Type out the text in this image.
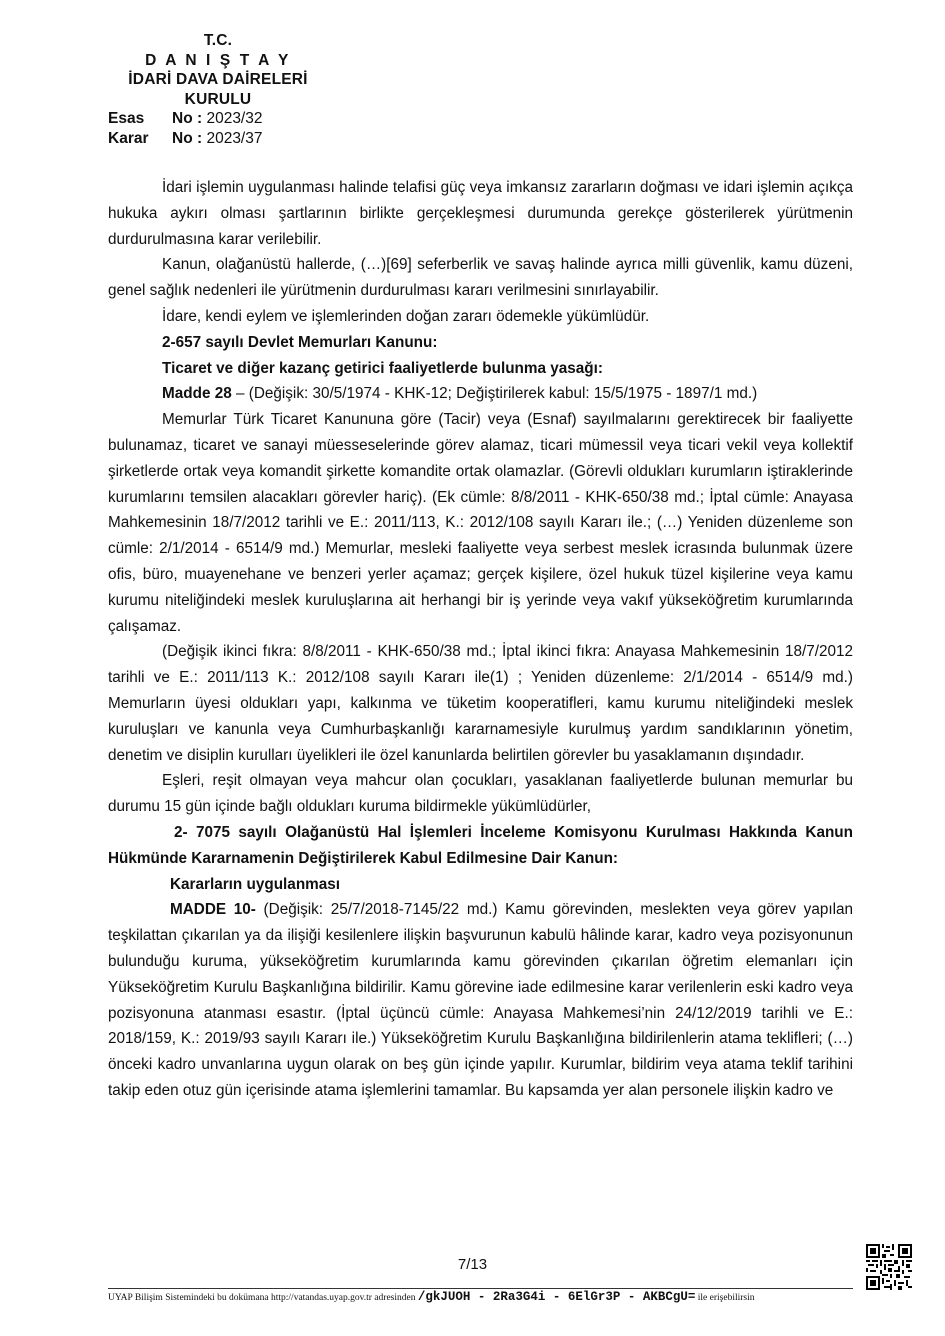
T.C.
D A N I Ş T A Y
İDARİ DAVA DAİRELERİ
KURULU
Esas No : 2023/32
Karar No : 2023/37

İdari işlemin uygulanması halinde telafisi güç veya imkansız zararların doğması ve idari işlemin açıkça hukuka aykırı olması şartlarının birlikte gerçekleşmesi durumunda gerekçe gösterilerek yürütmenin durdurulmasına karar verilebilir.

Kanun, olağanüstü hallerde, (…)[69] seferberlik ve savaş halinde ayrıca milli güvenlik, kamu düzeni, genel sağlık nedenleri ile yürütmenin durdurulması kararı verilmesini sınırlayabilir.

İdare, kendi eylem ve işlemlerinden doğan zararı ödemekle yükümlüdür.

2-657 sayılı Devlet Memurları Kanunu:

Ticaret ve diğer kazanç getirici faaliyetlerde bulunma yasağı:

Madde 28 – (Değişik: 30/5/1974 - KHK-12; Değiştirilerek kabul: 15/5/1975 - 1897/1 md.)

Memurlar Türk Ticaret Kanununa göre (Tacir) veya (Esnaf) sayılmalarını gerektirecek bir faaliyette bulunamaz, ticaret ve sanayi müesseselerinde görev alamaz, ticari mümessil veya ticari vekil veya kollektif şirketlerde ortak veya komandit şirkette komandite ortak olamazlar. (Görevli oldukları kurumların iştiraklerinde kurumlarını temsilen alacakları görevler hariç). (Ek cümle: 8/8/2011 - KHK-650/38 md.; İptal cümle: Anayasa Mahkemesinin 18/7/2012 tarihli ve E.: 2011/113, K.: 2012/108 sayılı Kararı ile.; (…) Yeniden düzenleme son cümle: 2/1/2014 - 6514/9 md.) Memurlar, mesleki faaliyette veya serbest meslek icrasında bulunmak üzere ofis, büro, muayenehane ve benzeri yerler açamaz; gerçek kişilere, özel hukuk tüzel kişilerine veya kamu kurumu niteliğindeki meslek kuruluşlarına ait herhangi bir iş yerinde veya vakıf yükseköğretim kurumlarında çalışamaz.

(Değişik ikinci fıkra: 8/8/2011 - KHK-650/38 md.; İptal ikinci fıkra: Anayasa Mahkemesinin 18/7/2012 tarihli ve E.: 2011/113 K.: 2012/108 sayılı Kararı ile(1) ; Yeniden düzenleme: 2/1/2014 - 6514/9 md.) Memurların üyesi oldukları yapı, kalkınma ve tüketim kooperatifleri, kamu kurumu niteliğindeki meslek kuruluşları ve kanunla veya Cumhurbaşkanlığı kararnamesiyle kurulmuş yardım sandıklarının yönetim, denetim ve disiplin kurulları üyelikleri ile özel kanunlarda belirtilen görevler bu yasaklamanın dışındadır.

Eşleri, reşit olmayan veya mahcur olan çocukları, yasaklanan faaliyetlerde bulunan memurlar bu durumu 15 gün içinde bağlı oldukları kuruma bildirmekle yükümlüdürler,

2- 7075 sayılı Olağanüstü Hal İşlemleri İnceleme Komisyonu Kurulması Hakkında Kanun Hükmünde Kararnamenin Değiştirilerek Kabul Edilmesine Dair Kanun:

Kararların uygulanması

MADDE 10- (Değişik: 25/7/2018-7145/22 md.) Kamu görevinden, meslekten veya görev yapılan teşkilattan çıkarılan ya da ilişiği kesilenlere ilişkin başvurunun kabulü hâlinde karar, kadro veya pozisyonunun bulunduğu kuruma, yükseköğretim kurumlarında kamu görevinden çıkarılan öğretim elemanları için Yükseköğretim Kurulu Başkanlığına bildirilir. Kamu görevine iade edilmesine karar verilenlerin eski kadro veya pozisyonuna atanması esastır. (İptal üçüncü cümle: Anayasa Mahkemesi’nin 24/12/2019 tarihli ve E.: 2018/159, K.: 2019/93 sayılı Kararı ile.) Yükseköğretim Kurulu Başkanlığına bildirilenlerin atama teklifleri; (…) önceki kadro unvanlarına uygun olarak on beş gün içinde yapılır. Kurumlar, bildirim veya atama teklif tarihini takip eden otuz gün içerisinde atama işlemlerini tamamlar. Bu kapsamda yer alan personele ilişkin kadro ve

7/13
UYAP Bilişim Sistemindeki bu dokümana http://vatandas.uyap.gov.tr adresinden /gkJUOH - 2Ra3G4i - 6ElGr3P - AKBCgU= ile erişebilirsin
